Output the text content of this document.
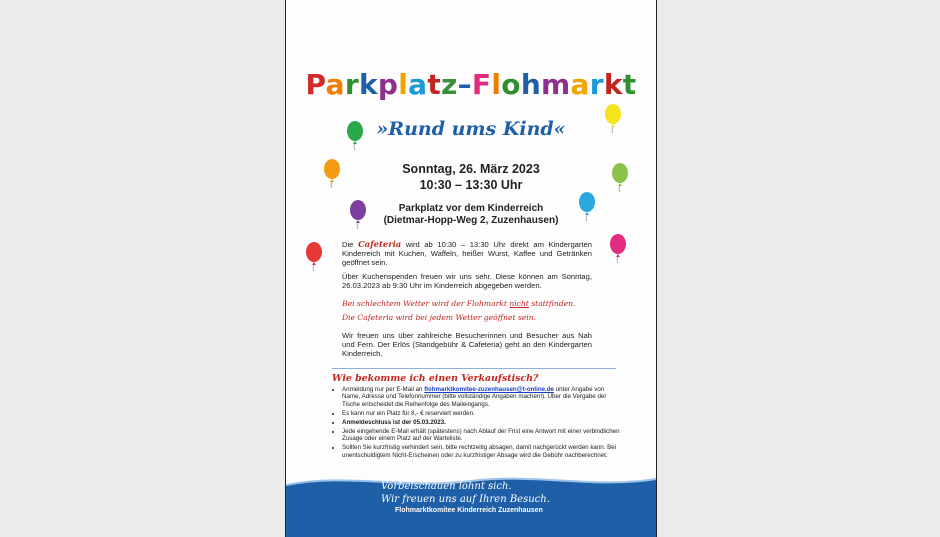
Parkplatz–Flohmarkt
»Rund ums Kind«
Sonntag, 26. März 2023
10:30 – 13:30 Uhr
Parkplatz vor dem Kinderreich
(Dietmar-Hopp-Weg 2, Zuzenhausen)
Die Cafeteria wird ab 10:30 – 13:30 Uhr direkt am Kindergarten Kinderreich mit Kuchen, Waffeln, heißer Wurst, Kaffee und Getränken geöffnet sein.
Über Kuchenspenden freuen wir uns sehr. Diese können am Sonntag, 26.03.2023 ab 9:30 Uhr im Kinderreich abgegeben werden.
Bei schlechtem Wetter wird der Flohmarkt nicht stattfinden.
Die Cafeteria wird bei jedem Wetter geöffnet sein.
Wir freuen uns über zahlreiche Besucherinnen und Besucher aus Nah und Fern. Der Erlös (Standgebühr & Cafeteria) geht an den Kindergarten Kinderreich.
Wie bekomme ich einen Verkaufstisch?
• Anmeldung nur per E-Mail an flohmarktkomitee-zuzenhausen@t-online.de unter Angabe von Name, Adresse und Telefonnummer (bitte vollständige Angaben machen!). Über die Vergabe der Tische entscheidet die Reihenfolge des Maileingangs.
• Es kann nur ein Platz für 8,- € reserviert werden.
• Anmeldeschluss ist der 05.03.2023.
• Jede eingehende E-Mail erhält (spätestens) nach Ablauf der Frist eine Antwort mit einer verbindlichen Zusage oder einem Platz auf der Warteliste.
• Sollten Sie kurzfristig verhindert sein, bitte rechtzeitig absagen, damit nachgerückt werden kann. Bei unentschuldigtem Nicht-Erscheinen oder zu kurzfristiger Absage wird die Gebühr nachberechnet.
Vorbeischauen lohnt sich.
Wir freuen uns auf Ihren Besuch.
Flohmarktkomitee Kinderreich Zuzenhausen
